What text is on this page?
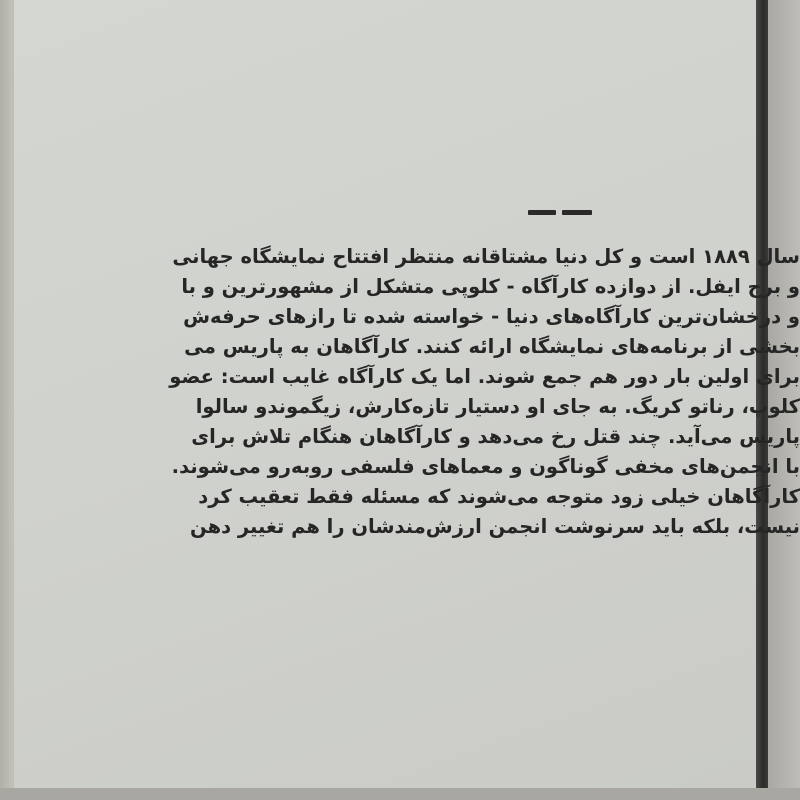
سال ۱۸۸۹ است و کل دنیا مشتاقانه منتظر افتتاح نمایشگاه جهانی
و برج ایفل. از دوازده کارآگاه - کلوپی متشکل از مشهورترین و با
و درخشان‌ترین کارآگاه‌های دنیا - خواسته شده تا رازهای حرفه‌ش
بخشی از برنامه‌های نمایشگاه ارائه کنند. کارآگاهان به پاریس می
برای اولین بار دور هم جمع شوند. اما یک کارآگاه غایب است: عضو
کلوپ، رناتو کریگ. به جای او دستیار تازه‌کارش، زیگموندو سالوا
پاریس می‌آید. چند قتل رخ می‌دهد و کارآگاهان هنگام تلاش برای
با انجمن‌های مخفی گوناگون و معماهای فلسفی روبه‌رو می‌شوند.
کارآگاهان خیلی زود متوجه می‌شوند که مسئله فقط تعقیب کرد
نیست، بلکه باید سرنوشت انجمن ارزش‌مندشان را هم تغییر دهن
